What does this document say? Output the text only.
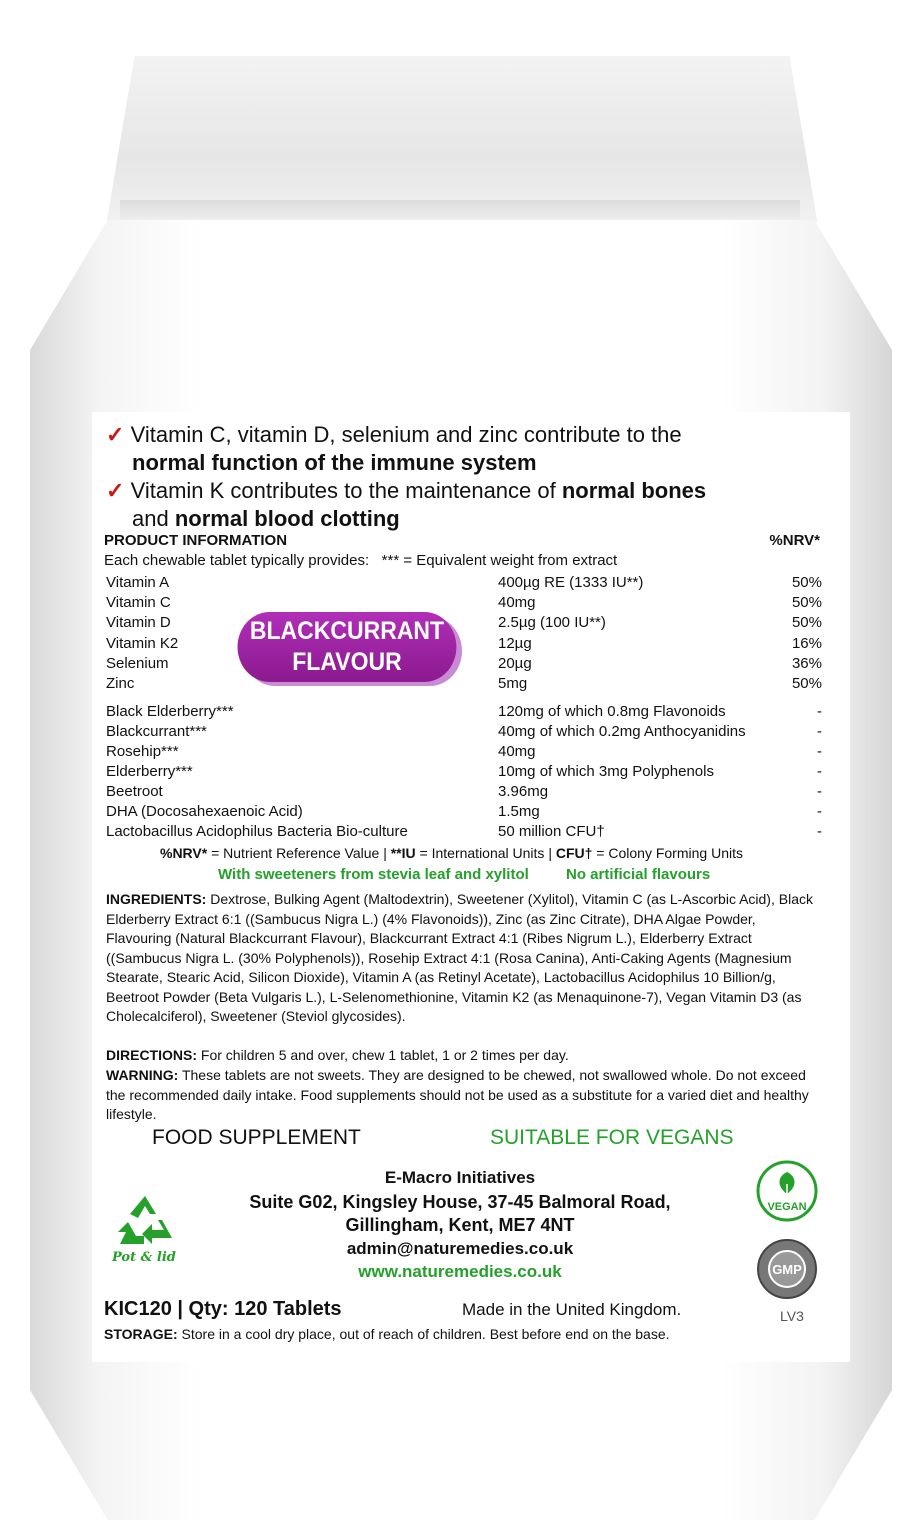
✓ Vitamin C, vitamin D, selenium and zinc contribute to the
normal function of the immune system
✓ Vitamin K contributes to the maintenance of normal bones
and normal blood clotting
PRODUCT INFORMATION	%NRV*
Each chewable tablet typically provides: *** = Equivalent weight from extract
Vitamin A	400µg RE (1333 IU**)	50%
Vitamin C	40mg	50%
Vitamin D	2.5µg (100 IU**)	50%
Vitamin K2	12µg	16%
Selenium	20µg	36%
Zinc	5mg	50%
Black Elderberry***	120mg of which 0.8mg Flavonoids	-
Blackcurrant***	40mg of which 0.2mg Anthocyanidins	-
Rosehip***	40mg	-
Elderberry***	10mg of which 3mg Polyphenols	-
Beetroot	3.96mg	-
DHA (Docosahexaenoic Acid)	1.5mg	-
Lactobacillus Acidophilus Bacteria Bio-culture	50 million CFU†	-
BLACKCURRANT
FLAVOUR
%NRV* = Nutrient Reference Value | **IU = International Units | CFU† = Colony Forming Units
With sweeteners from stevia leaf and xylitol No artificial flavours
INGREDIENTS: Dextrose, Bulking Agent (Maltodextrin), Sweetener (Xylitol), Vitamin C (as L-Ascorbic Acid), Black Elderberry Extract 6:1 ((Sambucus Nigra L.) (4% Flavonoids)), Zinc (as Zinc Citrate), DHA Algae Powder, Flavouring (Natural Blackcurrant Flavour), Blackcurrant Extract 4:1 (Ribes Nigrum L.), Elderberry Extract ((Sambucus Nigra L. (30% Polyphenols)), Rosehip Extract 4:1 (Rosa Canina), Anti-Caking Agents (Magnesium Stearate, Stearic Acid, Silicon Dioxide), Vitamin A (as Retinyl Acetate), Lactobacillus Acidophilus 10 Billion/g, Beetroot Powder (Beta Vulgaris L.), L-Selenomethionine, Vitamin K2 (as Menaquinone-7), Vegan Vitamin D3 (as Cholecalciferol), Sweetener (Steviol glycosides).
DIRECTIONS: For children 5 and over, chew 1 tablet, 1 or 2 times per day.
WARNING: These tablets are not sweets. They are designed to be chewed, not swallowed whole. Do not exceed the recommended daily intake. Food supplements should not be used as a substitute for a varied diet and healthy lifestyle.
FOOD SUPPLEMENT	SUITABLE FOR VEGANS
E-Macro Initiatives
Suite G02, Kingsley House, 37-45 Balmoral Road,
Gillingham, Kent, ME7 4NT
admin@naturemedies.co.uk
www.naturemedies.co.uk
Pot & lid
VEGAN
GMP
KIC120 | Qty: 120 Tablets	Made in the United Kingdom.	LV3
STORAGE: Store in a cool dry place, out of reach of children. Best before end on the base.
